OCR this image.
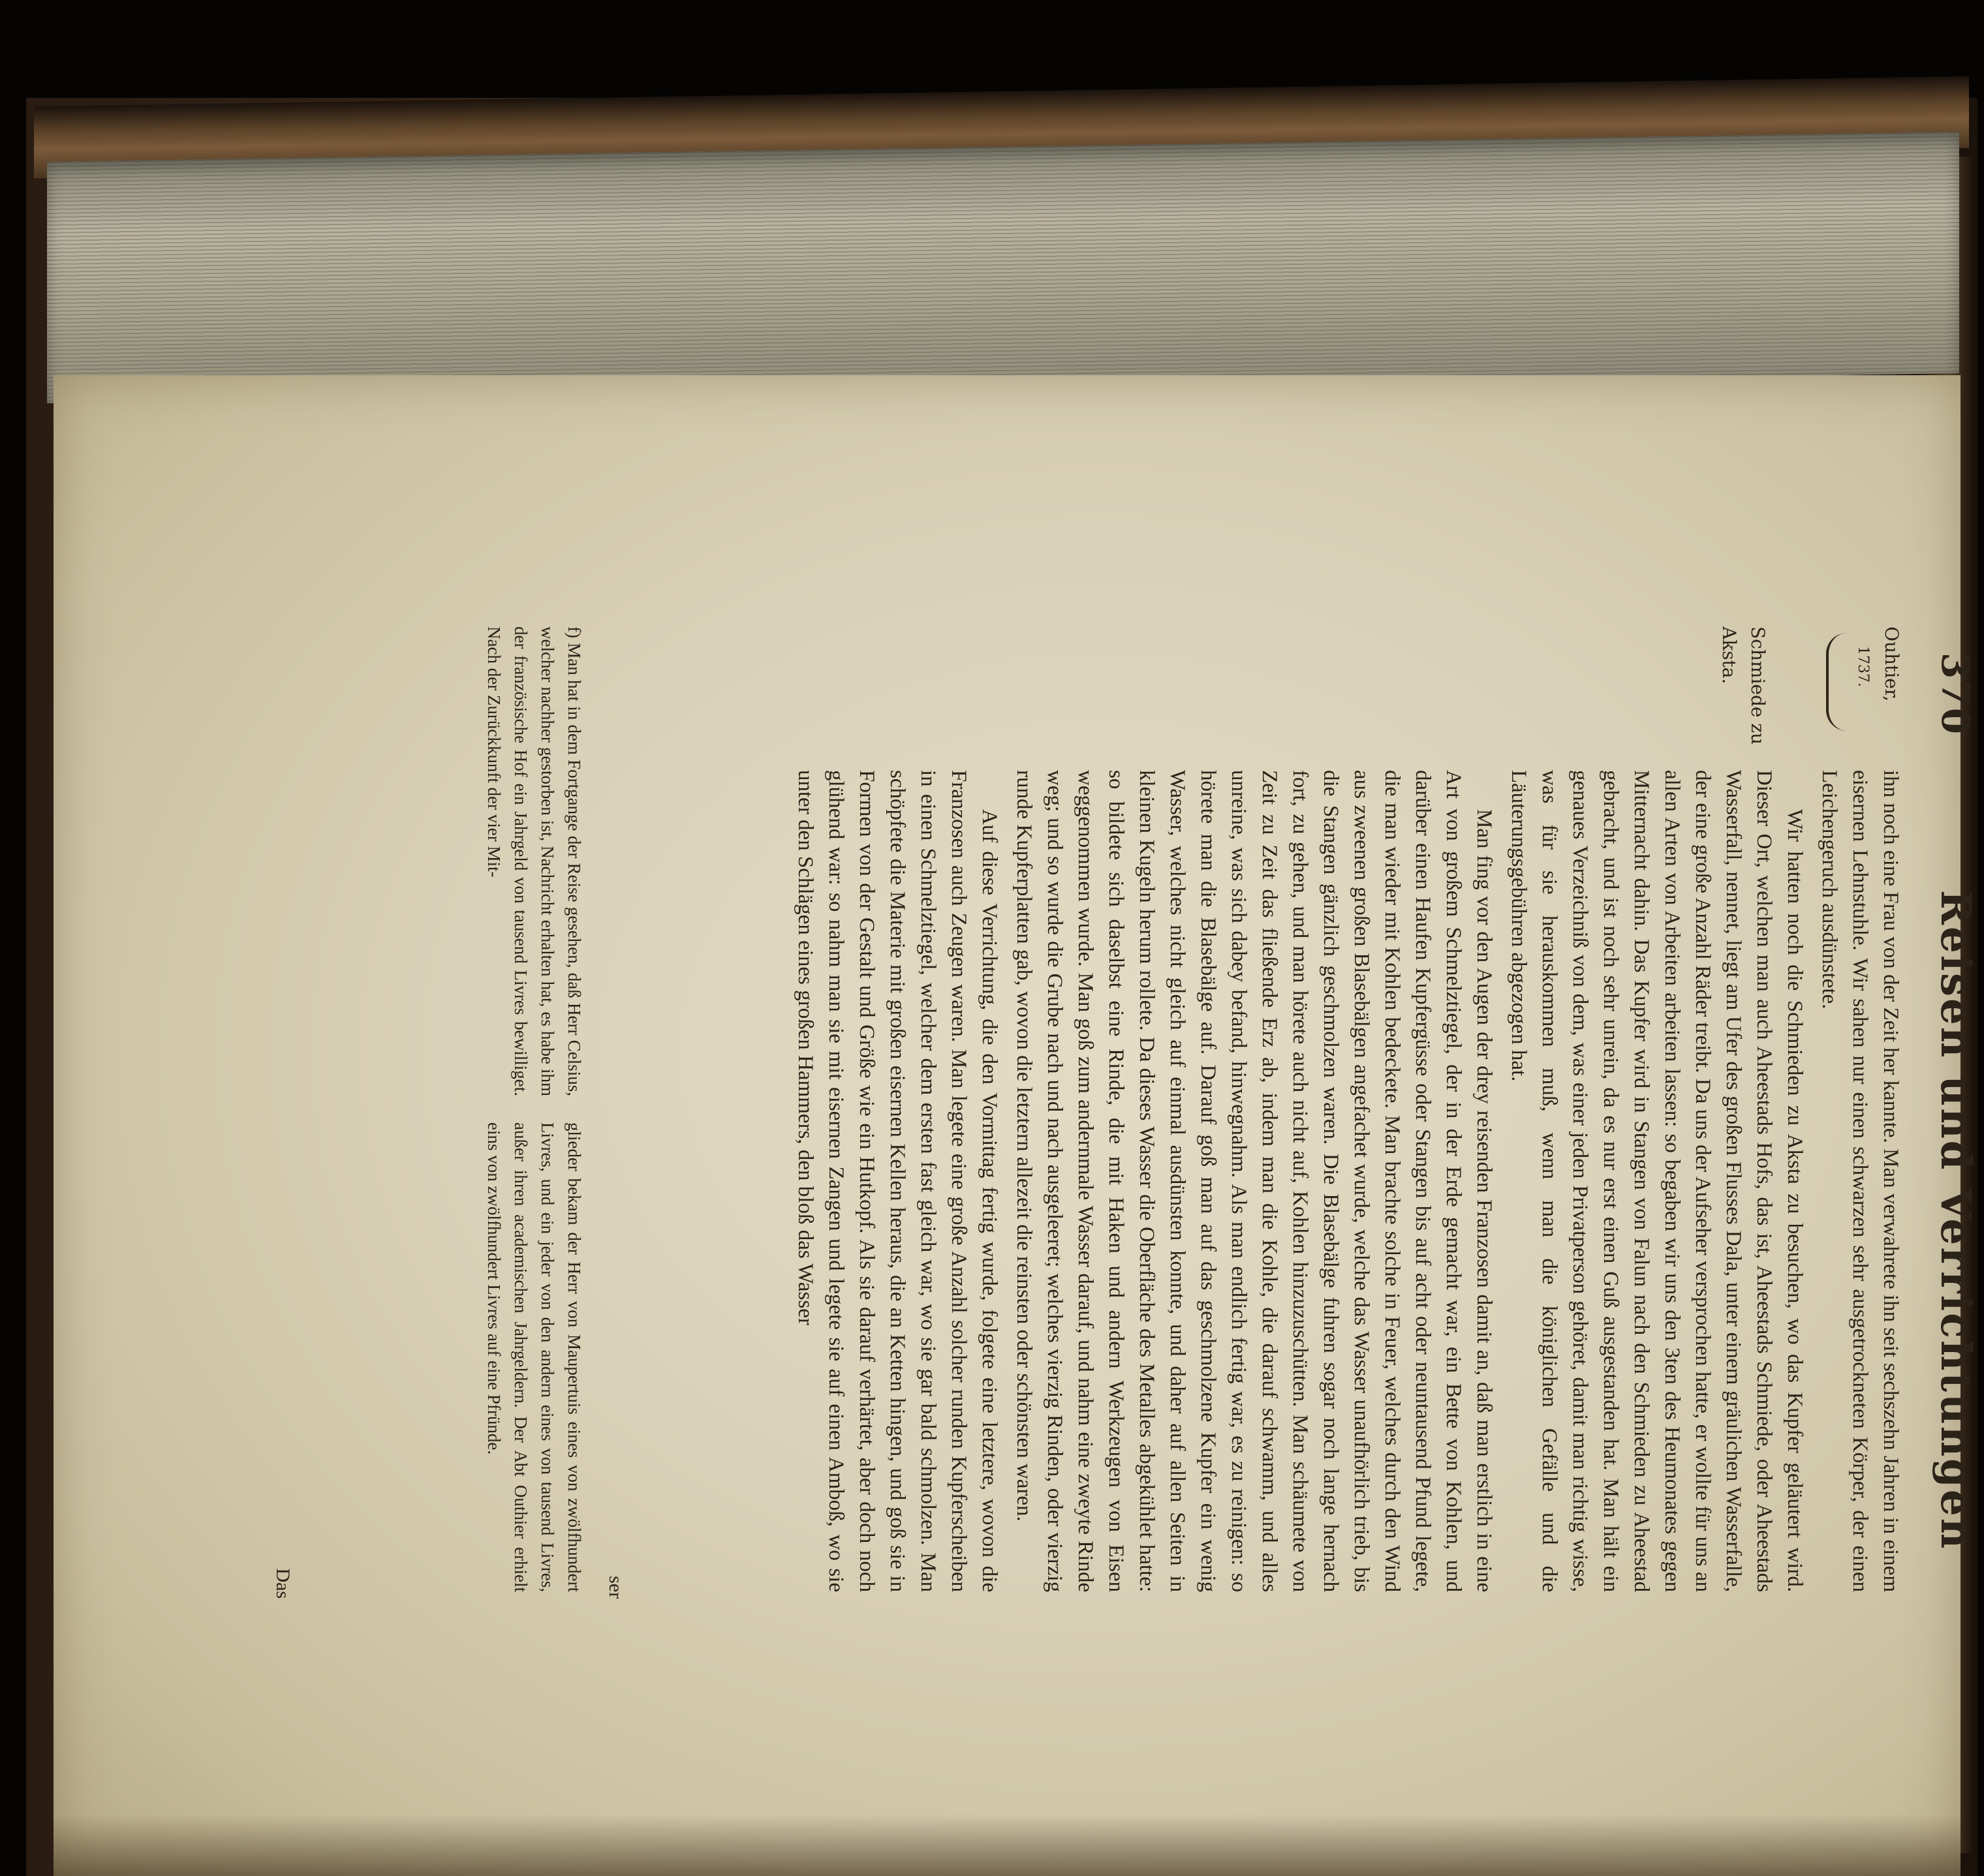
370
Reisen und Verrichtungen
Ouhtier,
1737.
Schmiede zu
Aksta.

ihn noch eine Frau von der Zeit her kannte. Man verwahrete ihn seit sechszehn Jahren in einem eisernen Lehnstuhle. Wir sahen nur einen schwarzen sehr ausgetrockneten Körper, der einen Leichengeruch ausdünstete.

Wir hatten noch die Schmieden zu Aksta zu besuchen, wo das Kupfer geläutert wird. Dieser Ort, welchen man auch Aheestads Hofs, das ist, Aheestads Schmiede, oder Aheestads Wasserfall, nennet, liegt am Ufer des großen Flusses Dala, unter einem gräulichen Wasserfalle, der eine große Anzahl Räder treibt. Da uns der Aufseher versprochen hatte, er wollte für uns an allen Arten von Arbeiten arbeiten lassen: so begaben wir uns den 3ten des Heumonates gegen Mitternacht dahin. Das Kupfer wird in Stangen von Falun nach den Schmieden zu Aheestad gebracht, und ist noch sehr unrein, da es nur erst einen Guß ausgestanden hat. Man hält ein genaues Verzeichniß von dem, was einer jeden Privatperson gehöret, damit man richtig wisse, was für sie herauskommen muß, wenn man die königlichen Gefälle und die Läuterungsgebühren abgezogen hat.

Man fing vor den Augen der drey reisenden Franzosen damit an, daß man erstlich in eine Art von großem Schmelztiegel, der in der Erde gemacht war, ein Bette von Kohlen, und darüber einen Haufen Kupfergüsse oder Stangen bis auf acht oder neuntausend Pfund legete, die man wieder mit Kohlen bedeckete. Man brachte solche in Feuer, welches durch den Wind aus zweenen großen Blasebälgen angefachet wurde, welche das Wasser unaufhörlich trieb, bis die Stangen gänzlich geschmolzen waren. Die Blasebälge fuhren sogar noch lange hernach fort, zu gehen, und man hörete auch nicht auf, Kohlen hinzuzuschütten. Man schäumete von Zeit zu Zeit das fließende Erz ab, indem man die Kohle, die darauf schwamm, und alles unreine, was sich dabey befand, hinwegnahm. Als man endlich fertig war, es zu reinigen: so hörete man die Blasebälge auf. Darauf goß man auf das geschmolzene Kupfer ein wenig Wasser, welches nicht gleich auf einmal ausdünsten konnte, und daher auf allen Seiten in kleinen Kugeln herum rollete. Da dieses Wasser die Oberfläche des Metalles abgekühlet hatte: so bildete sich daselbst eine Rinde, die mit Haken und andern Werkzeugen von Eisen weggenommen wurde. Man goß zum andernmale Wasser darauf, und nahm eine zweyte Rinde weg; und so wurde die Grube nach und nach ausgeleeret; welches vierzig Rinden, oder vierzig runde Kupferplatten gab, wovon die letztern allezeit die reinsten oder schönsten waren.

Auf diese Verrichtung, die den Vormittag fertig wurde, folgete eine letztere, wovon die Franzosen auch Zeugen waren. Man legete eine große Anzahl solcher runden Kupferscheiben in einen Schmelztiegel, welcher dem ersten fast gleich war, wo sie gar bald schmolzen. Man schöpfete die Materie mit großen eisernen Kellen heraus, die an Ketten hingen, und goß sie in Formen von der Gestalt und Größe wie ein Hutkopf. Als sie darauf verhärtet, aber doch noch glühend war: so nahm man sie mit eisernen Zangen und legete sie auf einen Amboß, wo sie unter den Schlägen eines großen Hammers, den bloß das Wasser

ser

f) Man hat in dem Fortgange der Reise gesehen, daß Herr Celsius, welcher nachher gestorben ist, Nachricht erhalten hat, es habe ihm der französische Hof ein Jahrgeld von tausend Livres bewilliget. Nach der Zurückkunft der vier Mit-

glieder bekam der Herr von Maupertuis eines von zwölfhundert Livres, und ein jeder von den andern eines von tausend Livres, außer ihren academischen Jahrgeldern. Der Abt Outhier erhielt eins von zwölfhundert Livres auf eine Pfründe.

Das
